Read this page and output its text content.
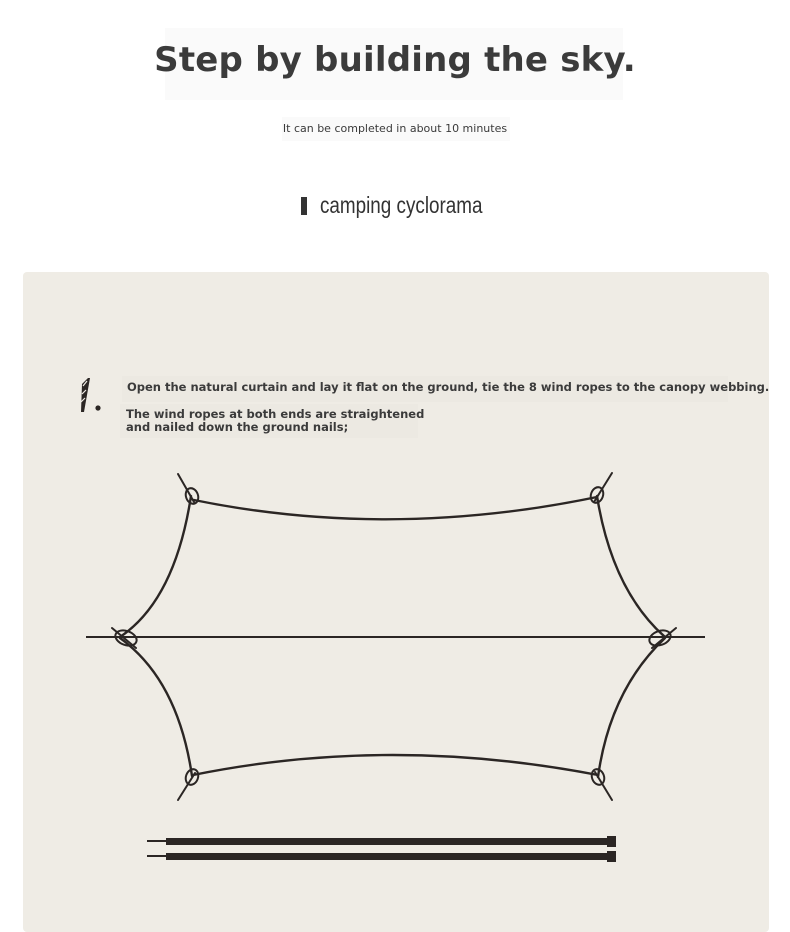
Step by building the sky.
It can be completed in about 10 minutes
camping cyclorama
Open the natural curtain and lay it flat on the ground, tie the 8 wind ropes to the canopy webbing.
The wind ropes at both ends are straightened
and nailed down the ground nails;
